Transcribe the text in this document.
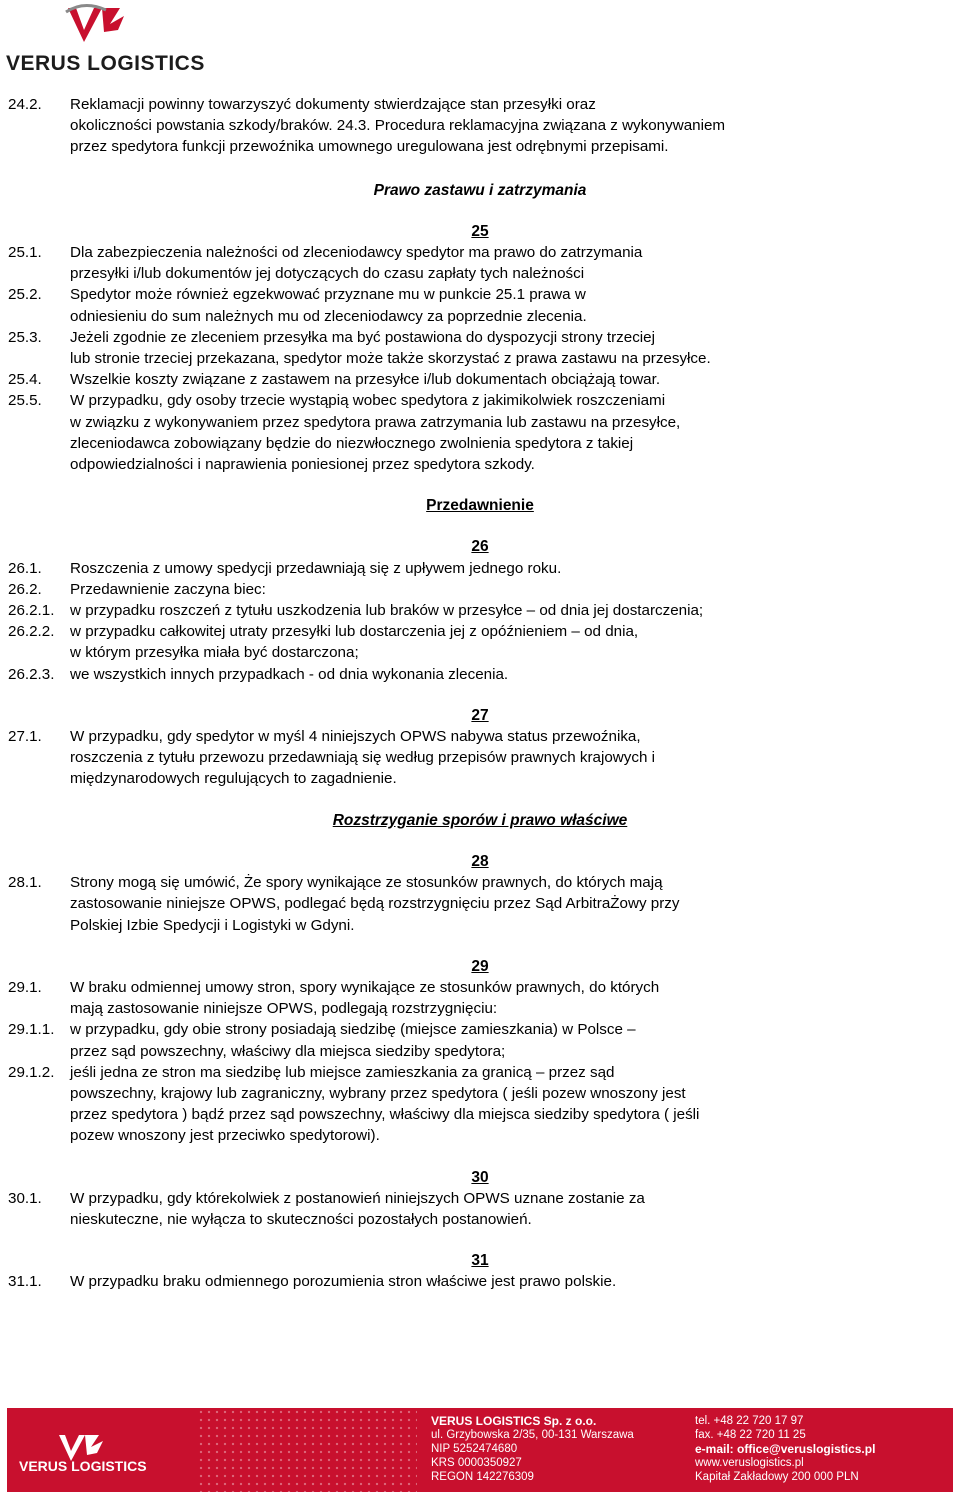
VERUS LOGISTICS
24.2. Reklamacji powinny towarzyszyć dokumenty stwierdzające stan przesyłki oraz
okoliczności powstania szkody/braków. 24.3. Procedura reklamacyjna związana z wykonywaniem
przez spedytora funkcji przewoźnika umownego uregulowana jest odrębnymi przepisami.
Prawo zastawu i zatrzymania
25
25.1. Dla zabezpieczenia należności od zleceniodawcy spedytor ma prawo do zatrzymania
przesyłki i/lub dokumentów jej dotyczących do czasu zapłaty tych należności
25.2. Spedytor może również egzekwować przyznane mu w punkcie 25.1 prawa w
odniesieniu do sum należnych mu od zleceniodawcy za poprzednie zlecenia.
25.3. Jeżeli zgodnie ze zleceniem przesyłka ma być postawiona do dyspozycji strony trzeciej
lub stronie trzeciej przekazana, spedytor może także skorzystać z prawa zastawu na przesyłce.
25.4. Wszelkie koszty związane z zastawem na przesyłce i/lub dokumentach obciążają towar.
25.5. W przypadku, gdy osoby trzecie wystąpią wobec spedytora z jakimikolwiek roszczeniami
w związku z wykonywaniem przez spedytora prawa zatrzymania lub zastawu na przesyłce,
zleceniodawca zobowiązany będzie do niezwłocznego zwolnienia spedytora z takiej
odpowiedzialności i naprawienia poniesionej przez spedytora szkody.
Przedawnienie
26
26.1. Roszczenia z umowy spedycji przedawniają się z upływem jednego roku.
26.2. Przedawnienie zaczyna biec:
26.2.1. w przypadku roszczeń z tytułu uszkodzenia lub braków w przesyłce – od dnia jej dostarczenia;
26.2.2. w przypadku całkowitej utraty przesyłki lub dostarczenia jej z opóźnieniem – od dnia,
w którym przesyłka miała być dostarczona;
26.2.3. we wszystkich innych przypadkach - od dnia wykonania zlecenia.
27
27.1. W przypadku, gdy spedytor w myśl 4 niniejszych OPWS nabywa status przewoźnika,
roszczenia z tytułu przewozu przedawniają się według przepisów prawnych krajowych i
międzynarodowych regulujących to zagadnienie.
Rozstrzyganie sporów i prawo właściwe
28
28.1. Strony mogą się umówić, Że spory wynikające ze stosunków prawnych, do których mają
zastosowanie niniejsze OPWS, podlegać będą rozstrzygnięciu przez Sąd ArbitraŻowy przy
Polskiej Izbie Spedycji i Logistyki w Gdyni.
29
29.1. W braku odmiennej umowy stron, spory wynikające ze stosunków prawnych, do których
mają zastosowanie niniejsze OPWS, podlegają rozstrzygnięciu:
29.1.1. w przypadku, gdy obie strony posiadają siedzibę (miejsce zamieszkania) w Polsce –
przez sąd powszechny, właściwy dla miejsca siedziby spedytora;
29.1.2. jeśli jedna ze stron ma siedzibę lub miejsce zamieszkania za granicą – przez sąd
powszechny, krajowy lub zagraniczny, wybrany przez spedytora ( jeśli pozew wnoszony jest
przez spedytora ) bądź przez sąd powszechny, właściwy dla miejsca siedziby spedytora ( jeśli
pozew wnoszony jest przeciwko spedytorowi).
30
30.1. W przypadku, gdy którekolwiek z postanowień niniejszych OPWS uznane zostanie za
nieskuteczne, nie wyłącza to skuteczności pozostałych postanowień.
31
31.1. W przypadku braku odmiennego porozumienia stron właściwe jest prawo polskie.
VERUS LOGISTICS
VERUS LOGISTICS Sp. z o.o.
ul. Grzybowska 2/35, 00-131 Warszawa
NIP 5252474680
KRS 0000350927
REGON 142276309
tel. +48 22 720 17 97
fax. +48 22 720 11 25
e-mail: office@veruslogistics.pl
www.veruslogistics.pl
Kapitał Zakładowy 200 000 PLN
